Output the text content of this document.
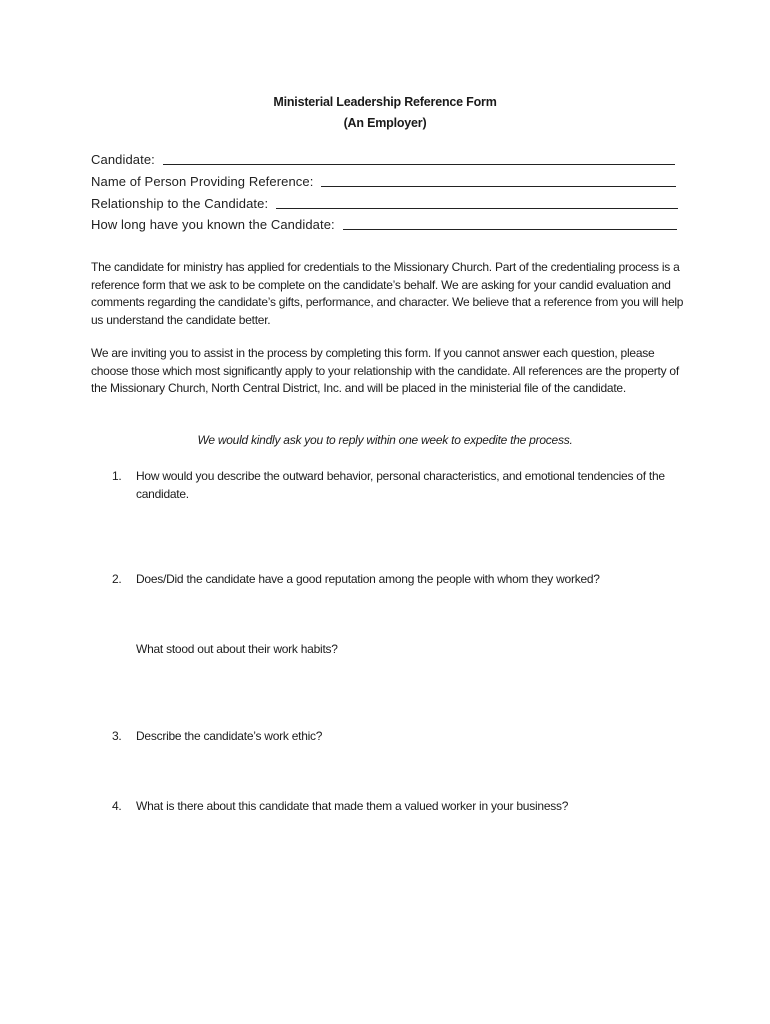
Ministerial Leadership Reference Form
(An Employer)
Candidate:
Name of Person Providing Reference:
Relationship to the Candidate:
How long have you known the Candidate:
The candidate for ministry has applied for credentials to the Missionary Church. Part of the credentialing process is a reference form that we ask to be complete on the candidate’s behalf. We are asking for your candid evaluation and comments regarding the candidate’s gifts, performance, and character. We believe that a reference from you will help us understand the candidate better.
We are inviting you to assist in the process by completing this form. If you cannot answer each question, please choose those which most significantly apply to your relationship with the candidate. All references are the property of the Missionary Church, North Central District, Inc. and will be placed in the ministerial file of the candidate.
We would kindly ask you to reply within one week to expedite the process.
1.	How would you describe the outward behavior, personal characteristics, and emotional tendencies of the candidate.
2.	Does/Did the candidate have a good reputation among the people with whom they worked?
What stood out about their work habits?
3.	Describe the candidate’s work ethic?
4.	What is there about this candidate that made them a valued worker in your business?
